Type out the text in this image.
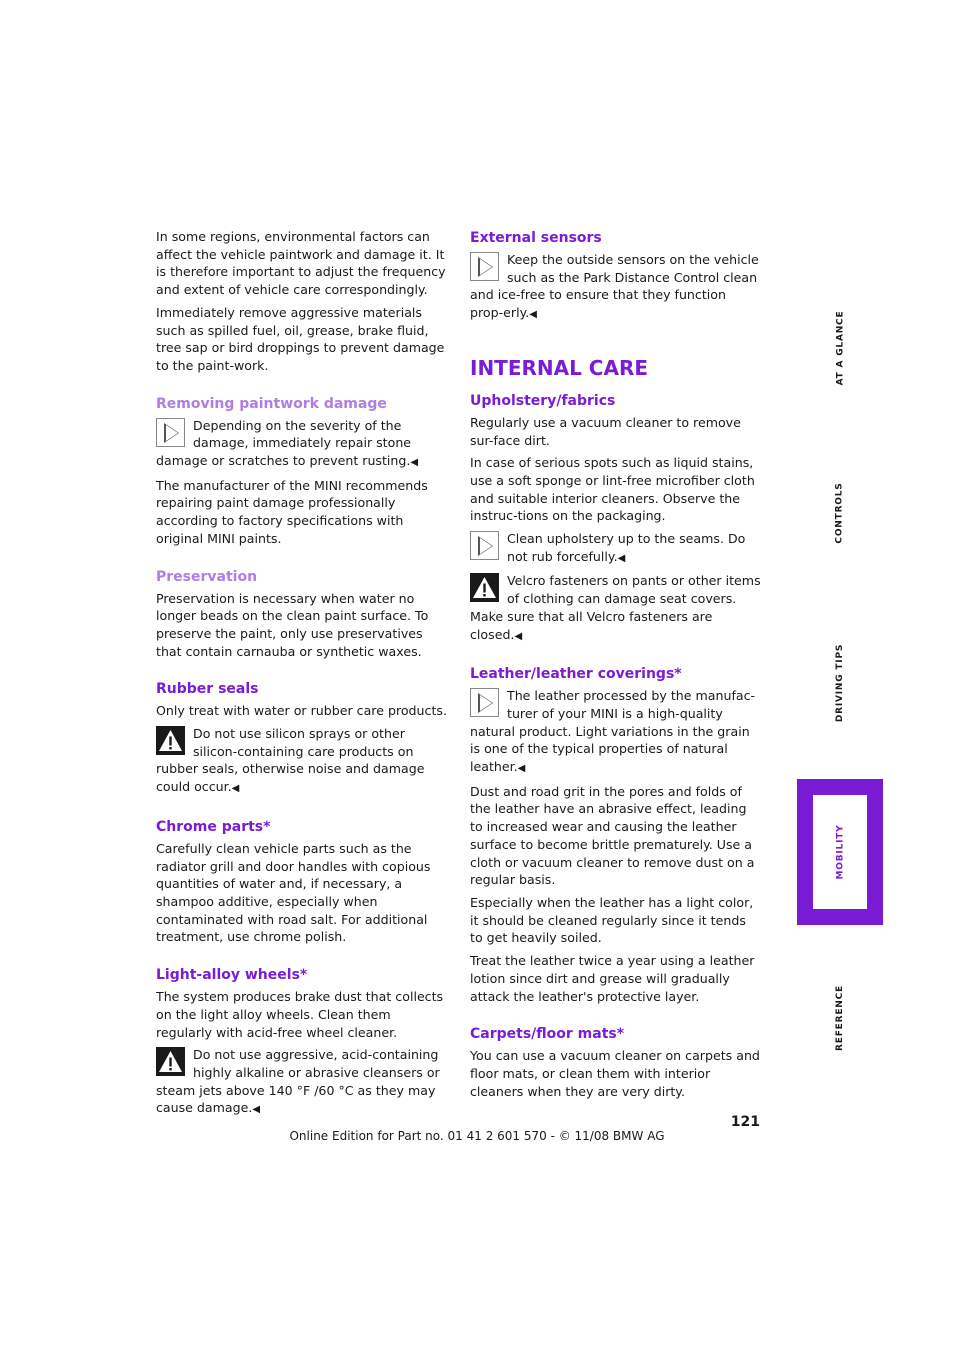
In some regions, environmental factors can affect the vehicle paintwork and damage it. It is therefore important to adjust the frequency and extent of vehicle care correspondingly.

Immediately remove aggressive materials such as spilled fuel, oil, grease, brake fluid, tree sap or bird droppings to prevent damage to the paint-work.

Removing paintwork damage
Depending on the severity of the damage, immediately repair stone damage or scratches to prevent rusting.◀

The manufacturer of the MINI recommends repairing paint damage professionally according to factory specifications with original MINI paints.

Preservation

Preservation is necessary when water no longer beads on the clean paint surface. To preserve the paint, only use preservatives that contain carnauba or synthetic waxes.

Rubber seals

Only treat with water or rubber care products.

Do not use silicon sprays or other silicon-containing care products on rubber seals, otherwise noise and damage could occur.◀
Chrome parts*

Carefully clean vehicle parts such as the radiator grill and door handles with copious quantities of water and, if necessary, a shampoo additive, especially when contaminated with road salt. For additional treatment, use chrome polish.

Light-alloy wheels*

The system produces brake dust that collects on the light alloy wheels. Clean them regularly with acid-free wheel cleaner.

Do not use aggressive, acid-containing highly alkaline or abrasive cleansers or steam jets above 140 °F /60 °C as they may cause damage.◀
External sensors
Keep the outside sensors on the vehicle such as the Park Distance Control clean and ice-free to ensure that they function prop-erly.◀
INTERNAL CARE
Upholstery/fabrics

Regularly use a vacuum cleaner to remove sur-face dirt.

In case of serious spots such as liquid stains, use a soft sponge or lint-free microfiber cloth and suitable interior cleaners. Observe the instruc-tions on the packaging.

Clean upholstery up to the seams. Do not rub forcefully.◀
Velcro fasteners on pants or other items of clothing can damage seat covers. Make sure that all Velcro fasteners are closed.◀
Leather/leather coverings*
The leather processed by the manufac-turer of your MINI is a high-quality natural product. Light variations in the grain is one of the typical properties of natural leather.◀

Dust and road grit in the pores and folds of the leather have an abrasive effect, leading to increased wear and causing the leather surface to become brittle prematurely. Use a cloth or vacuum cleaner to remove dust on a regular basis.

Especially when the leather has a light color, it should be cleaned regularly since it tends to get heavily soiled.

Treat the leather twice a year using a leather lotion since dirt and grease will gradually attack the leather's protective layer.

Carpets/floor mats*

You can use a vacuum cleaner on carpets and floor mats, or clean them with interior cleaners when they are very dirty.

AT A GLANCE
CONTROLS
DRIVING TIPS
MOBILITY
REFERENCE
121
Online Edition for Part no. 01 41 2 601 570 - © 11/08 BMW AG
